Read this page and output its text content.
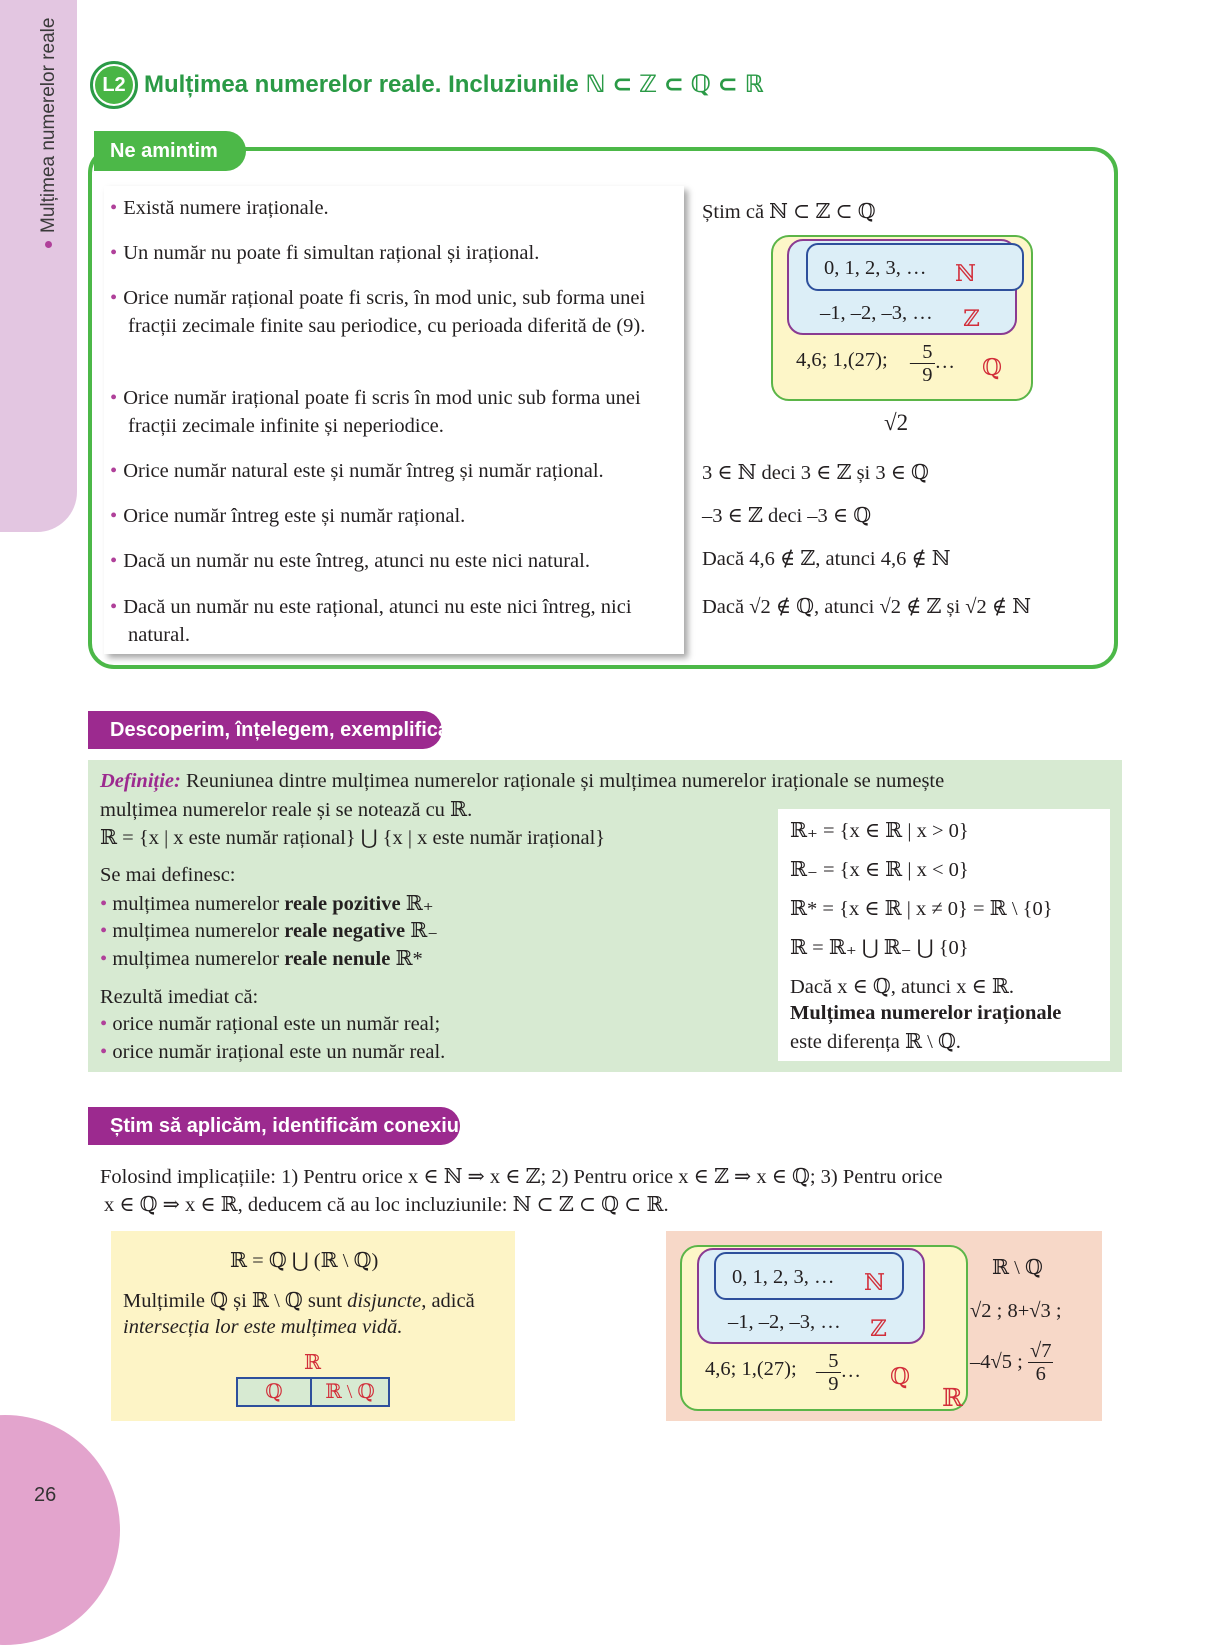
Mulțimea numerelor reale
26
L2 Mulțimea numerelor reale. Incluziunile ℕ ⊂ ℤ ⊂ ℚ ⊂ ℝ
Ne amintim
• Există numere iraționale.
• Un număr nu poate fi simultan rațional și irațional.
• Orice număr rațional poate fi scris, în mod unic, sub forma unei fracții zecimale finite sau periodice, cu perioada diferită de (9).
• Orice număr irațional poate fi scris în mod unic sub forma unei fracții zecimale infinite și neperiodice.
• Orice număr natural este și număr întreg și număr rațional.
• Orice număr întreg este și număr rațional.
• Dacă un număr nu este întreg, atunci nu este nici natural.
• Dacă un număr nu este rațional, atunci nu este nici întreg, nici natural.
Știm că ℕ ⊂ ℤ ⊂ ℚ
0, 1, 2, 3, … ℕ
–1, –2, –3, … ℤ
4,6; 1,(27); – $\frac{5}{9}$ … ℚ
√2
3 ∈ ℕ deci 3 ∈ ℤ și 3 ∈ ℚ
–3 ∈ ℤ deci –3 ∈ ℚ
Dacă 4,6 ∉ ℤ, atunci 4,6 ∉ ℕ
Dacă √2 ∉ ℚ, atunci √2 ∉ ℤ și √2 ∉ ℕ
Descoperim, înțelegem, exemplificăm
Definiție: Reuniunea dintre mulțimea numerelor raționale și mulțimea numerelor iraționale se numește
mulțimea numerelor reale și se notează cu ℝ.
ℝ = {x | x este număr rațional} ⋃ {x | x este număr irațional}
Se mai definesc:
• mulțimea numerelor reale pozitive ℝ₊
• mulțimea numerelor reale negative ℝ₋
• mulțimea numerelor reale nenule ℝ*
Rezultă imediat că:
• orice număr rațional este un număr real;
• orice număr irațional este un număr real.
ℝ₊ = {x ∈ ℝ | x > 0}
ℝ₋ = {x ∈ ℝ | x < 0}
ℝ* = {x ∈ ℝ | x ≠ 0} = ℝ \ {0}
ℝ = ℝ₊ ⋃ ℝ₋ ⋃ {0}
Dacă x ∈ ℚ, atunci x ∈ ℝ.
Mulțimea numerelor iraționale
este diferența ℝ \ ℚ.
Știm să aplicăm, identificăm conexiuni
Folosind implicațiile: 1) Pentru orice x ∈ ℕ ⇒ x ∈ ℤ; 2) Pentru orice x ∈ ℤ ⇒ x ∈ ℚ; 3) Pentru orice
x ∈ ℚ ⇒ x ∈ ℝ, deducem că au loc incluziunile: ℕ ⊂ ℤ ⊂ ℚ ⊂ ℝ.
ℝ = ℚ ⋃ (ℝ \ ℚ)
Mulțimile ℚ și ℝ \ ℚ sunt disjuncte, adică
intersecția lor este mulțimea vidă.
ℝ
ℚ	ℝ \ ℚ
0, 1, 2, 3, … ℕ
–1, –2, –3, … ℤ
4,6; 1,(27); – $\frac{5}{9}$ … ℚ
ℝ
ℝ \ ℚ
√2 ; 8+√3 ;
–4√5 ; $\frac{√7}{6}$
